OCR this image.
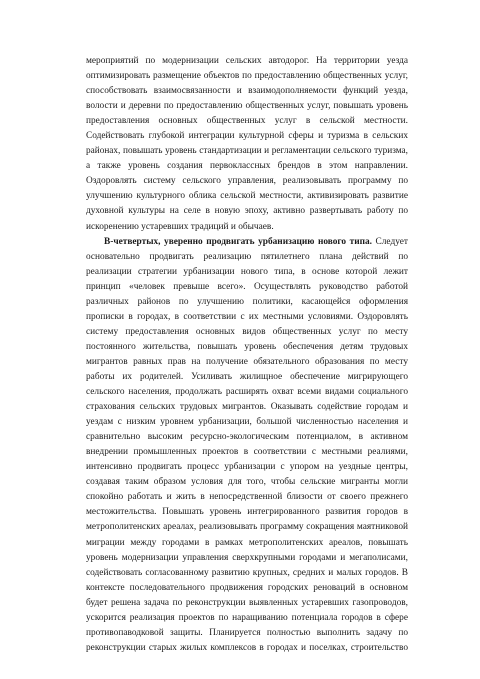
мероприятий по модернизации сельских автодорог. На территории уезда
оптимизировать размещение объектов по предоставлению общественных услуг,
способствовать взаимосвязанности и взаимодополняемости функций уезда,
волости и деревни по предоставлению общественных услуг, повышать уровень
предоставления основных общественных услуг в сельской местности.
Содействовать глубокой интеграции культурной сферы и туризма в сельских
районах, повышать уровень стандартизации и регламентации сельского туризма,
а также уровень создания первоклассных брендов в этом направлении.
Оздоровлять систему сельского управления, реализовывать программу по
улучшению культурного облика сельской местности, активизировать развитие
духовной культуры на селе в новую эпоху, активно развертывать работу по
искоренению устаревших традиций и обычаев.
В-четвертых, уверенно продвигать урбанизацию нового типа. Следует
основательно продвигать реализацию пятилетнего плана действий по
реализации стратегии урбанизации нового типа, в основе которой лежит
принцип «человек превыше всего». Осуществлять руководство работой
различных районов по улучшению политики, касающейся оформления
прописки в городах, в соответствии с их местными условиями. Оздоровлять
систему предоставления основных видов общественных услуг по месту
постоянного жительства, повышать уровень обеспечения детям трудовых
мигрантов равных прав на получение обязательного образования по месту
работы их родителей. Усиливать жилищное обеспечение мигрирующего
сельского населения, продолжать расширять охват всеми видами социального
страхования сельских трудовых мигрантов. Оказывать содействие городам и
уездам с низким уровнем урбанизации, большой численностью населения и
сравнительно высоким ресурсно-экологическим потенциалом, в активном
внедрении промышленных проектов в соответствии с местными реалиями,
интенсивно продвигать процесс урбанизации с упором на уездные центры,
создавая таким образом условия для того, чтобы сельские мигранты могли
спокойно работать и жить в непосредственной близости от своего прежнего
местожительства. Повышать уровень интегрированного развития городов в
метрополитенских ареалах, реализовывать программу сокращения маятниковой
миграции между городами в рамках метрополитенских ареалов, повышать
уровень модернизации управления сверхкрупными городами и мегаполисами,
содействовать согласованному развитию крупных, средних и малых городов. В
контексте последовательного продвижения городских реноваций в основном
будет решена задача по реконструкции выявленных устаревших газопроводов,
ускорится реализация проектов по наращиванию потенциала городов в сфере
противопаводковой защиты. Планируется полностью выполнить задачу по
реконструкции старых жилых комплексов в городах и поселках, строительство
